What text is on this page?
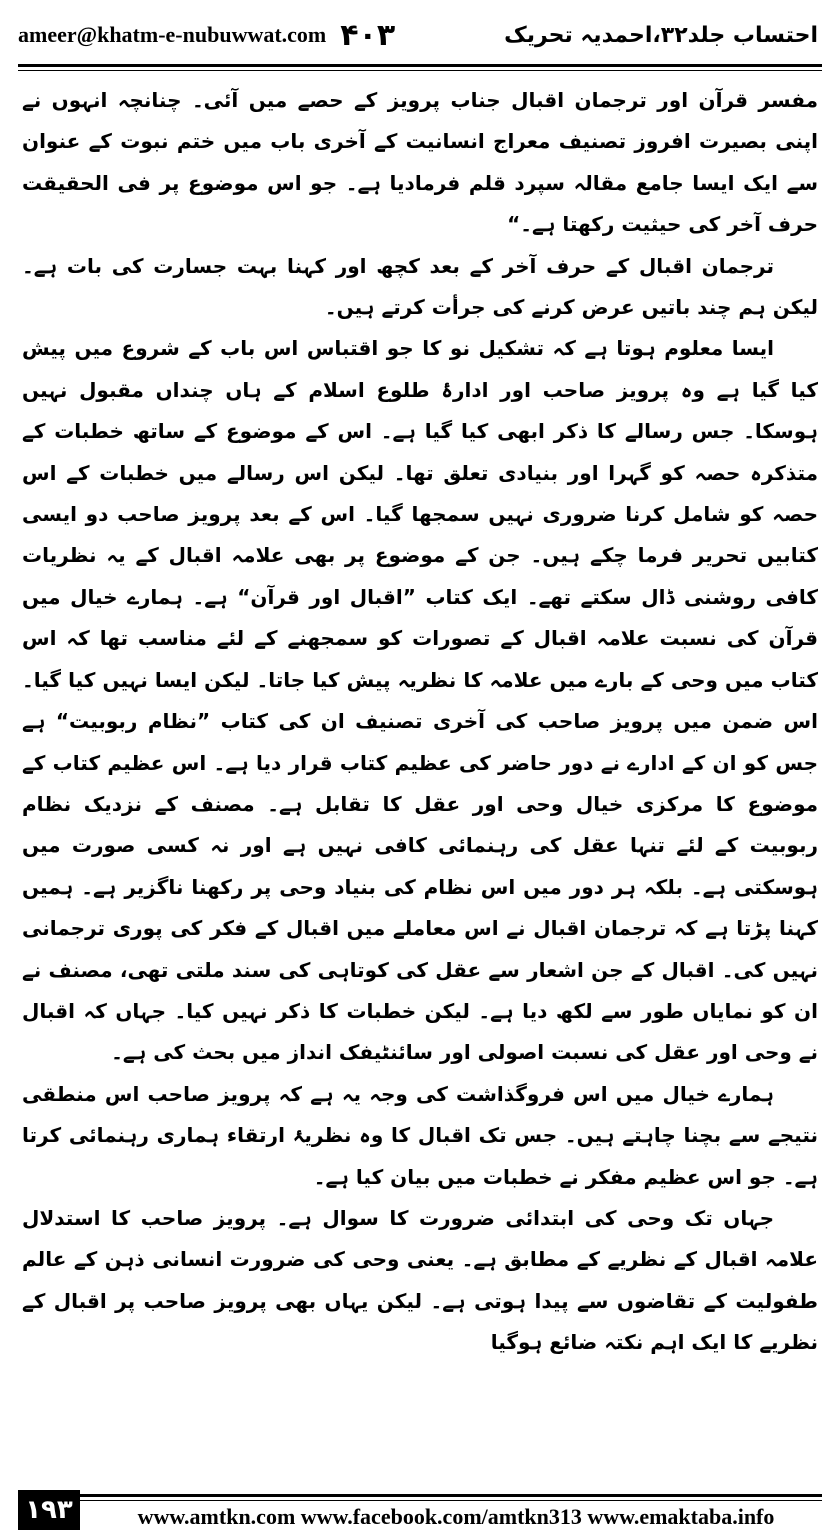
ameer@khatm-e-nubuwwat.com ۴۰۳	احتساب جلد۳۲،احمدیہ تحریک

مفسر قرآن اور ترجمان اقبال جناب پرویز کے حصے میں آئی۔ چنانچہ انہوں نے اپنی بصیرت افروز تصنیف معراج انسانیت کے آخری باب میں ختم نبوت کے عنوان سے ایک ایسا جامع مقالہ سپرد قلم فرمادیا ہے۔ جو اس موضوع پر فی الحقیقت حرف آخر کی حیثیت رکھتا ہے۔“

ترجمان اقبال کے حرف آخر کے بعد کچھ اور کہنا بہت جسارت کی بات ہے۔ لیکن ہم چند باتیں عرض کرنے کی جرأت کرتے ہیں۔

ایسا معلوم ہوتا ہے کہ تشکیل نو کا جو اقتباس اس باب کے شروع میں پیش کیا گیا ہے وہ پرویز صاحب اور ادارۂ طلوع اسلام کے ہاں چنداں مقبول نہیں ہوسکا۔ جس رسالے کا ذکر ابھی کیا گیا ہے۔ اس کے موضوع کے ساتھ خطبات کے متذکرہ حصہ کو گہرا اور بنیادی تعلق تھا۔ لیکن اس رسالے میں خطبات کے اس حصہ کو شامل کرنا ضروری نہیں سمجھا گیا۔ اس کے بعد پرویز صاحب دو ایسی کتابیں تحریر فرما چکے ہیں۔ جن کے موضوع پر بھی علامہ اقبال کے یہ نظریات کافی روشنی ڈال سکتے تھے۔ ایک کتاب ”اقبال اور قرآن“ ہے۔ ہمارے خیال میں قرآن کی نسبت علامہ اقبال کے تصورات کو سمجھنے کے لئے مناسب تھا کہ اس کتاب میں وحی کے بارے میں علامہ کا نظریہ پیش کیا جاتا۔ لیکن ایسا نہیں کیا گیا۔ اس ضمن میں پرویز صاحب کی آخری تصنیف ان کی کتاب ”نظام ربوبیت“ ہے جس کو ان کے ادارے نے دور حاضر کی عظیم کتاب قرار دیا ہے۔ اس عظیم کتاب کے موضوع کا مرکزی خیال وحی اور عقل کا تقابل ہے۔ مصنف کے نزدیک نظام ربوبیت کے لئے تنہا عقل کی رہنمائی کافی نہیں ہے اور نہ کسی صورت میں ہوسکتی ہے۔ بلکہ ہر دور میں اس نظام کی بنیاد وحی پر رکھنا ناگزیر ہے۔ ہمیں کہنا پڑتا ہے کہ ترجمان اقبال نے اس معاملے میں اقبال کے فکر کی پوری ترجمانی نہیں کی۔ اقبال کے جن اشعار سے عقل کی کوتاہی کی سند ملتی تھی، مصنف نے ان کو نمایاں طور سے لکھ دیا ہے۔ لیکن خطبات کا ذکر نہیں کیا۔ جہاں کہ اقبال نے وحی اور عقل کی نسبت اصولی اور سائنٹیفک انداز میں بحث کی ہے۔

ہمارے خیال میں اس فروگذاشت کی وجہ یہ ہے کہ پرویز صاحب اس منطقی نتیجے سے بچنا چاہتے ہیں۔ جس تک اقبال کا وہ نظریۂ ارتقاء ہماری رہنمائی کرتا ہے۔ جو اس عظیم مفکر نے خطبات میں بیان کیا ہے۔

جہاں تک وحی کی ابتدائی ضرورت کا سوال ہے۔ پرویز صاحب کا استدلال علامہ اقبال کے نظریے کے مطابق ہے۔ یعنی وحی کی ضرورت انسانی ذہن کے عالم طفولیت کے تقاضوں سے پیدا ہوتی ہے۔ لیکن یہاں بھی پرویز صاحب پر اقبال کے نظریے کا ایک اہم نکتہ ضائع ہوگیا

۱۹۳	www.amtkn.com www.facebook.com/amtkn313 www.emaktaba.info
